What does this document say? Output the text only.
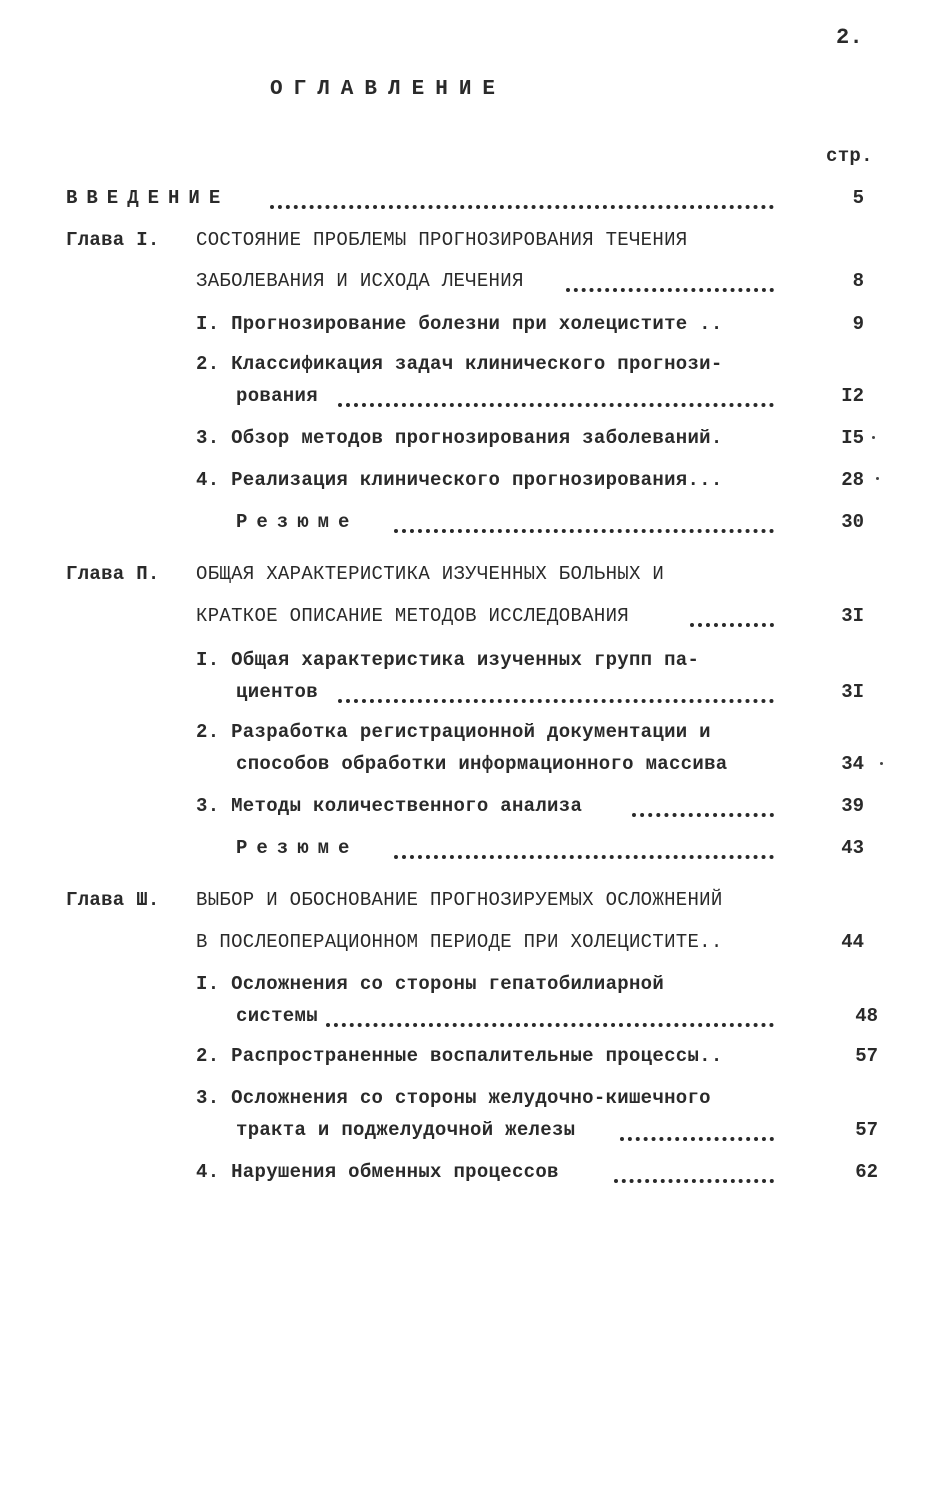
2.
ОГЛАВЛЕНИЕ
стр.
ВВЕДЕНИЕ	5
Глава I. СОСТОЯНИЕ ПРОБЛЕМЫ ПРОГНОЗИРОВАНИЯ ТЕЧЕНИЯ
ЗАБОЛЕВАНИЯ И ИСХОДА ЛЕЧЕНИЯ	8
I. Прогнозирование болезни при холецистите ..	9
2. Классификация задач клинического прогнози-
рования	I2
3. Обзор методов прогнозирования заболеваний.	I5
4. Реализация клинического прогнозирования...	28
Резюме	30
Глава П. ОБЩАЯ ХАРАКТЕРИСТИКА ИЗУЧЕННЫХ БОЛЬНЫХ И
КРАТКОЕ ОПИСАНИЕ МЕТОДОВ ИССЛЕДОВАНИЯ	3I
I. Общая характеристика изученных групп па-
циентов	3I
2. Разработка регистрационной документации и
способов обработки информационного массива	34
3. Методы количественного анализа	39
Резюме	43
Глава Ш. ВЫБОР И ОБОСНОВАНИЕ ПРОГНОЗИРУЕМЫХ ОСЛОЖНЕНИЙ
В ПОСЛЕОПЕРАЦИОННОМ ПЕРИОДЕ ПРИ ХОЛЕЦИСТИТЕ..	44
I. Осложнения со стороны гепатобилиарной
системы	48
2. Распространенные воспалительные процессы..	57
3. Осложнения со стороны желудочно-кишечного
тракта и поджелудочной железы	57
4. Нарушения обменных процессов	62
